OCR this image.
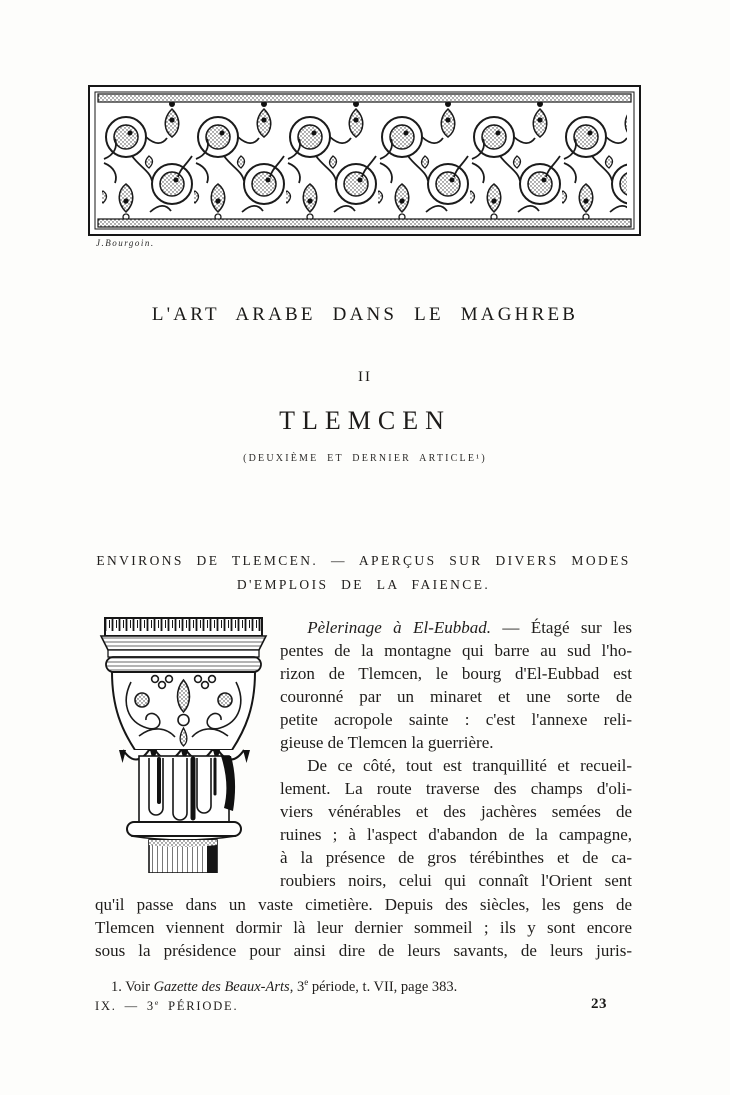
J.Bourgoin.
L'ART ARABE DANS LE MAGHREB
II
TLEMCEN
(DEUXIÈME ET DERNIER ARTICLE¹)
ENVIRONS DE TLEMCEN. — APERÇUS SUR DIVERS MODES
D'EMPLOIS DE LA FAIENCE.
Pèlerinage à El-Eubbad. — Étagé sur les
pentes de la montagne qui barre au sud l'ho-
rizon de Tlemcen, le bourg d'El-Eubbad est
couronné par un minaret et une sorte de
petite acropole sainte : c'est l'annexe reli-
gieuse de Tlemcen la guerrière.
De ce côté, tout est tranquillité et recueil-
lement. La route traverse des champs d'oli-
viers vénérables et des jachères semées de
ruines ; à l'aspect d'abandon de la campagne,
à la présence de gros térébinthes et de ca-
roubiers noirs, celui qui connaît l'Orient sent
qu'il passe dans un vaste cimetière. Depuis des siècles, les gens de
Tlemcen viennent dormir là leur dernier sommeil ; ils y sont encore
sous la présidence pour ainsi dire de leurs savants, de leurs juris-
1. Voir Gazette des Beaux-Arts, 3e période, t. VII, page 383.
IX. — 3e PÉRIODE.	23
